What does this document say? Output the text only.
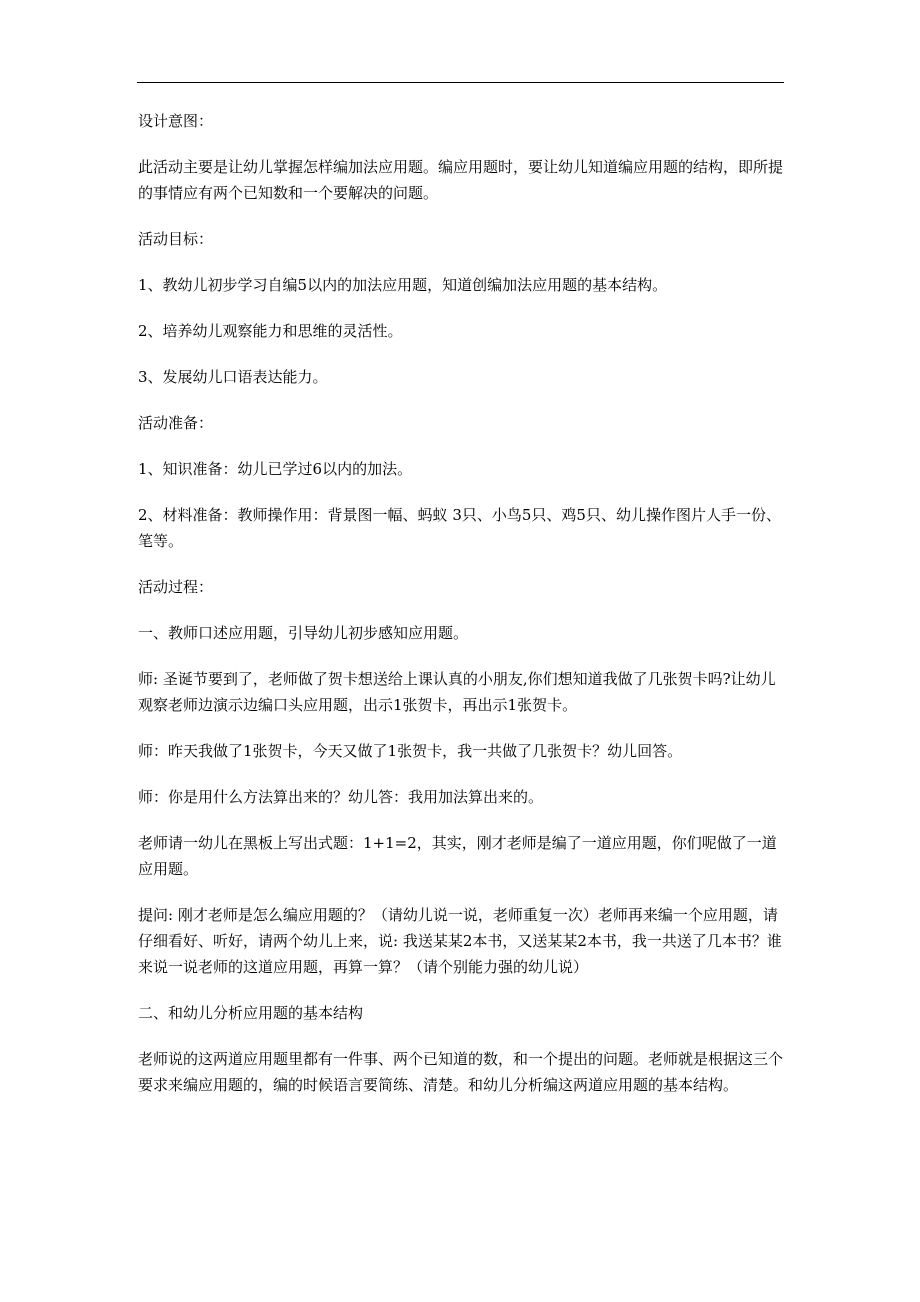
设计意图：

此活动主要是让幼儿掌握怎样编加法应用题。编应用题时，要让幼儿知道编应用题的结构，即所提的事情应有两个已知数和一个要解决的问题。

活动目标：

1、教幼儿初步学习自编5以内的加法应用题，知道创编加法应用题的基本结构。

2、培养幼儿观察能力和思维的灵活性。

3、发展幼儿口语表达能力。

活动准备：

1、知识准备：幼儿已学过6以内的加法。

2、材料准备：教师操作用：背景图一幅、蚂蚁 3只、小鸟5只、鸡5只、幼儿操作图片人手一份、笔等。

活动过程：

一、教师口述应用题，引导幼儿初步感知应用题。

师: 圣诞节要到了，老师做了贺卡想送给上课认真的小朋友,你们想知道我做了几张贺卡吗?让幼儿观察老师边演示边编口头应用题，出示1张贺卡，再出示1张贺卡。

师：昨天我做了1张贺卡，今天又做了1张贺卡，我一共做了几张贺卡？幼儿回答。

师：你是用什么方法算出来的？幼儿答：我用加法算出来的。

老师请一幼儿在黑板上写出式题：1+1=2，其实，刚才老师是编了一道应用题，你们呢做了一道应用题。

提问: 刚才老师是怎么编应用题的？（请幼儿说一说，老师重复一次）老师再来编一个应用题，请仔细看好、听好，请两个幼儿上来，说: 我送某某2本书，又送某某2本书，我一共送了几本书？谁来说一说老师的这道应用题，再算一算？（请个别能力强的幼儿说）

二、和幼儿分析应用题的基本结构

老师说的这两道应用题里都有一件事、两个已知道的数，和一个提出的问题。老师就是根据这三个要求来编应用题的，编的时候语言要简练、清楚。和幼儿分析编这两道应用题的基本结构。
